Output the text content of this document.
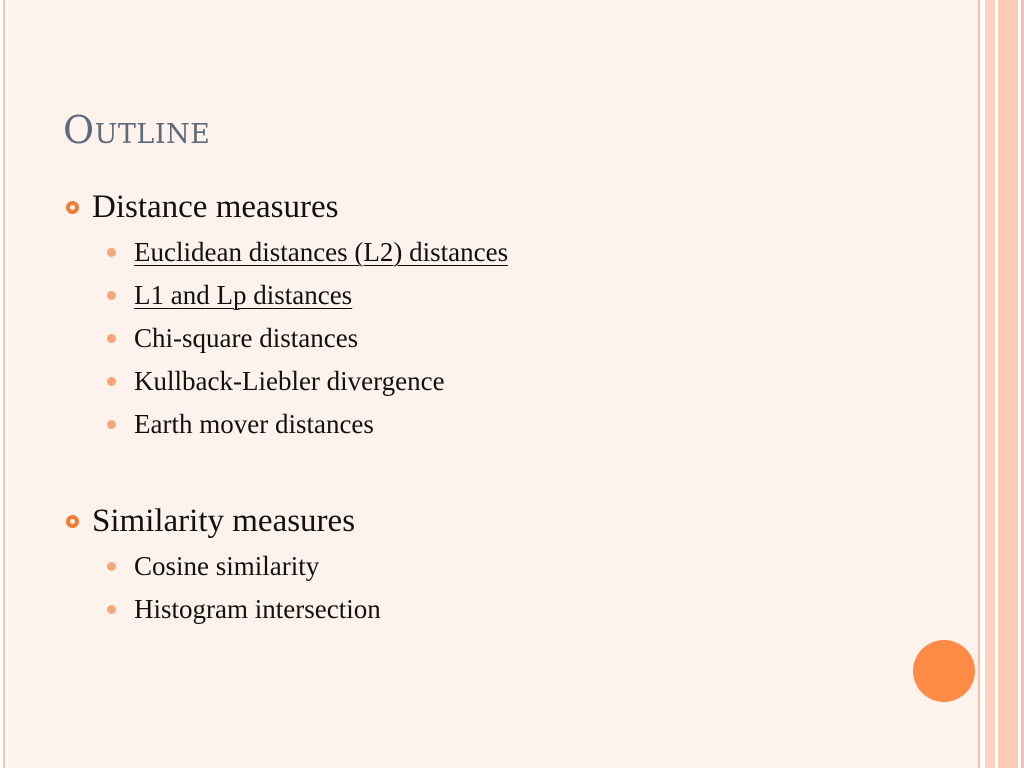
Outline
Distance measures
Euclidean distances (L2) distances
L1 and Lp distances
Chi-square distances
Kullback-Liebler divergence
Earth mover distances
Similarity measures
Cosine similarity
Histogram intersection
